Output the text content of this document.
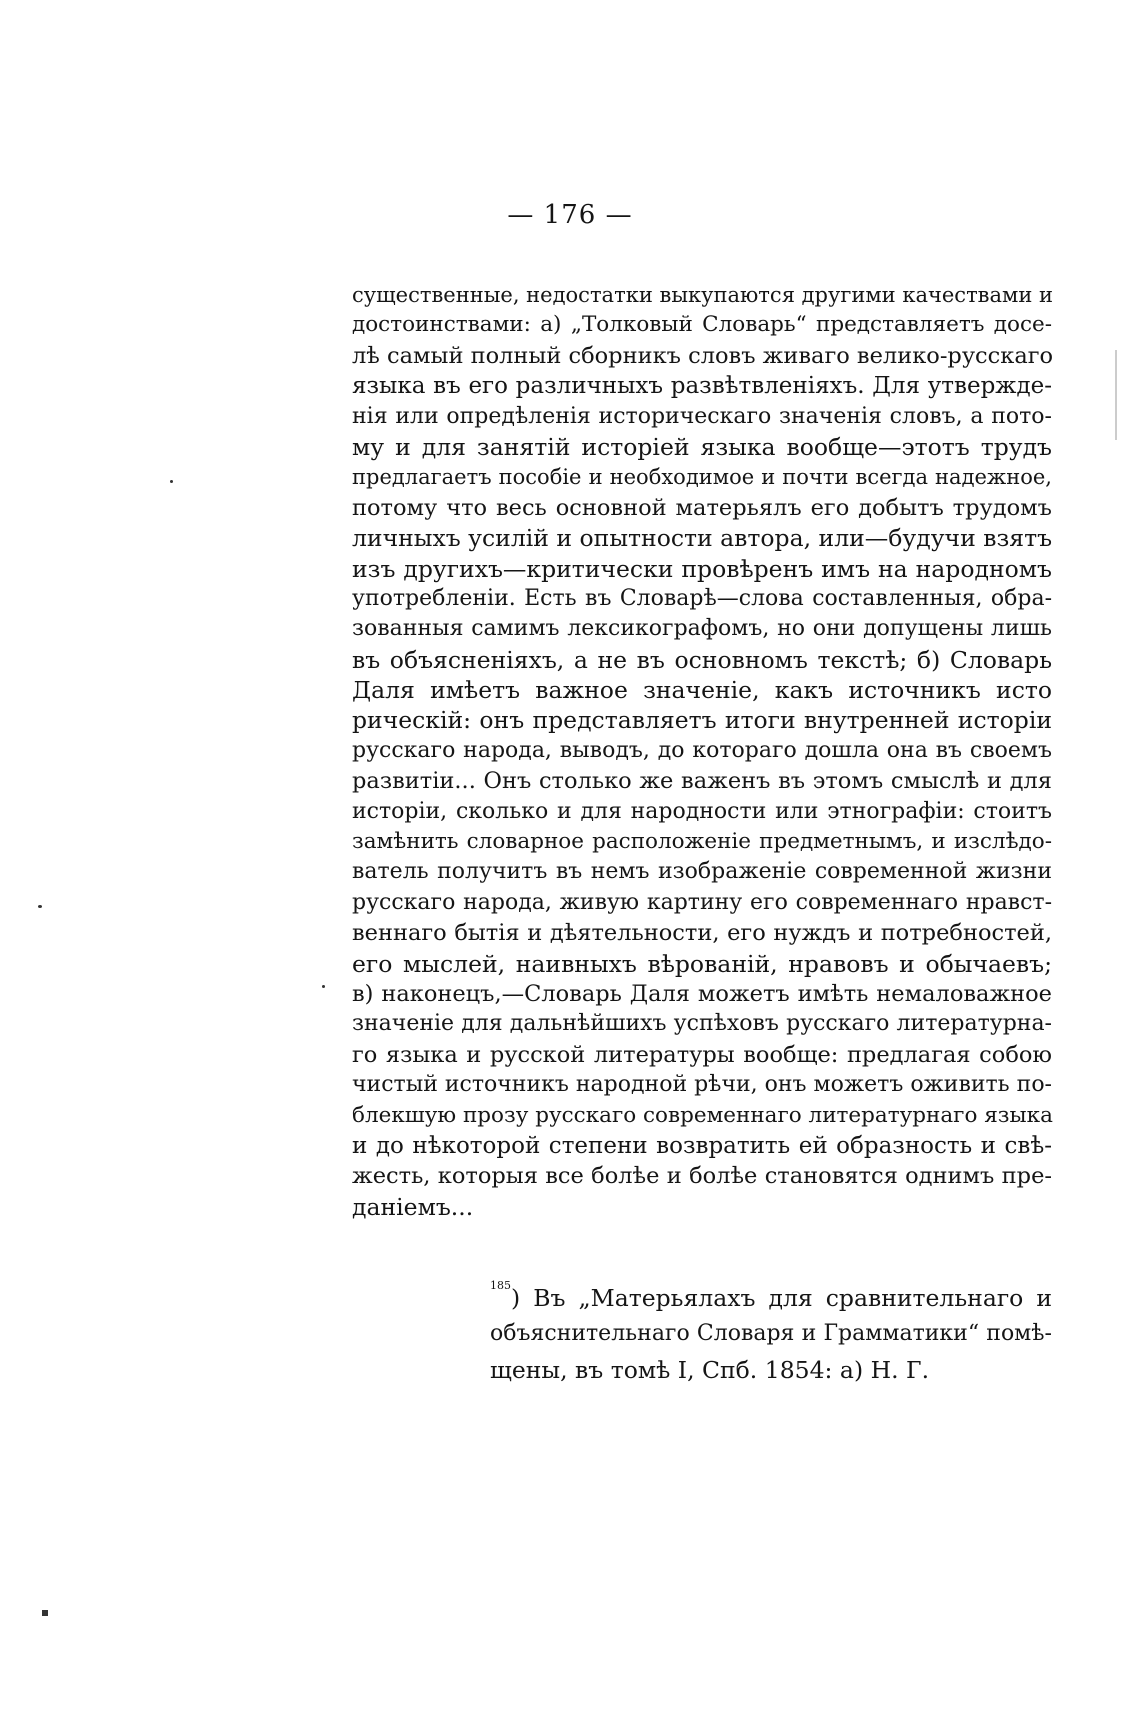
— 176 —
существенные, недостатки выкупаются другими качествами и
достоинствами: а) „Толковый Словарь“ представляетъ досе-
лѣ самый полный сборникъ словъ живаго велико-русскаго
языка въ его различныхъ развѣтвленіяхъ. Для утвержде-
нія или опредѣленія историческаго значенія словъ, а пото-
му и для занятій исторіей языка вообще—этотъ трудъ
предлагаетъ пособіе и необходимое и почти всегда надежное,
потому что весь основной матерьялъ его добытъ трудомъ
личныхъ усилій и опытности автора, или—будучи взятъ
изъ другихъ—критически провѣренъ имъ на народномъ
употребленіи. Есть въ Словарѣ—слова составленныя, обра-
зованныя самимъ лексикографомъ, но они допущены лишь
въ объясненіяхъ, а не въ основномъ текстѣ; б) Словарь
Даля имѣетъ важное значеніе, какъ источникъ исто
рическій: онъ представляетъ итоги внутренней исторіи
русскаго народа, выводъ, до котораго дошла она въ своемъ
развитіи... Онъ столько же важенъ въ этомъ смыслѣ и для
исторіи, сколько и для народности или этнографіи: стоитъ
замѣнить словарное расположеніе предметнымъ, и изслѣдо-
ватель получитъ въ немъ изображеніе современной жизни
русскаго народа, живую картину его современнаго нравст-
веннаго бытія и дѣятельности, его нуждъ и потребностей,
его мыслей, наивныхъ вѣрованій, нравовъ и обычаевъ;
в) наконецъ,—Словарь Даля можетъ имѣть немаловажное
значеніе для дальнѣйшихъ успѣховъ русскаго литературна-
го языка и русской литературы вообще: предлагая собою
чистый источникъ народной рѣчи, онъ можетъ оживить по-
блекшую прозу русскаго современнаго литературнаго языка
и до нѣкоторой степени возвратить ей образность и свѣ-
жесть, которыя все болѣе и болѣе становятся однимъ пре-
даніемъ...
$^{185}$) Въ „Матерьялахъ для сравнительнаго и
объяснительнаго Словаря и Грамматики“ помѣ-
щены, въ томѣ I, Спб. 1854: а) Н. Г.
